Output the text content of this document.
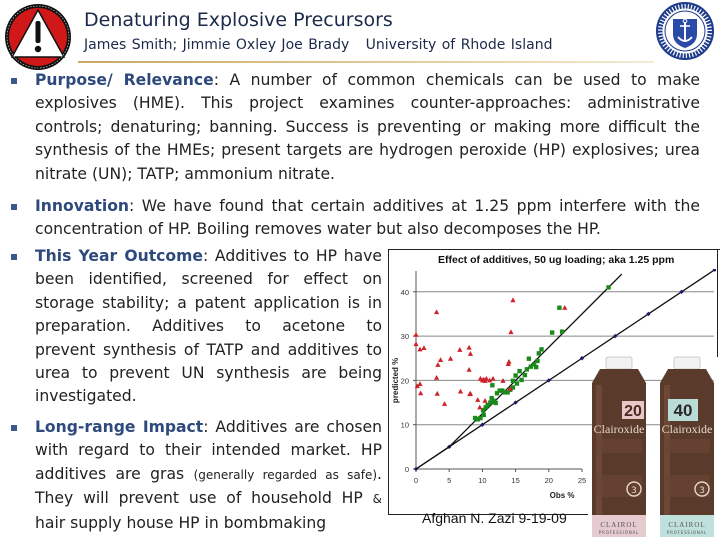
Denaturing Explosive Precursors
James Smith; Jimmie Oxley Joe Brady University of Rhode Island
Purpose/ Relevance: A number of common chemicals can be used to make explosives (HME). This project examines counter-approaches: administrative controls; denaturing; banning. Success is preventing or making more difficult the synthesis of the HMEs; present targets are hydrogen peroxide (HP) explosives; urea nitrate (UN); TATP; ammonium nitrate.
Innovation: We have found that certain additives at 1.25 ppm interfere with the concentration of HP. Boiling removes water but also decomposes the HP.
This Year Outcome: Additives to HP have been identified, screened for effect on storage stability; a patent application is in preparation. Additives to acetone to prevent synthesis of TATP and additives to urea to prevent UN synthesis are being investigated.
Long-range Impact: Additives are chosen with regard to their intended market. HP additives are gras (generally regarded as safe). They will prevent use of household HP & hair supply house HP in bombmaking
0
10
20
30
40
0	5	10	15	20	25
Obs %
predicted %
Effect of additives, 50 ug loading; aka 1.25 ppm
Afghan N. Zazi 9-19-09
20
Clairoxide
3
CLAIROL
PROFESSIONAL
40
Clairoxide
3
CLAIROL
PROFESSIONAL
